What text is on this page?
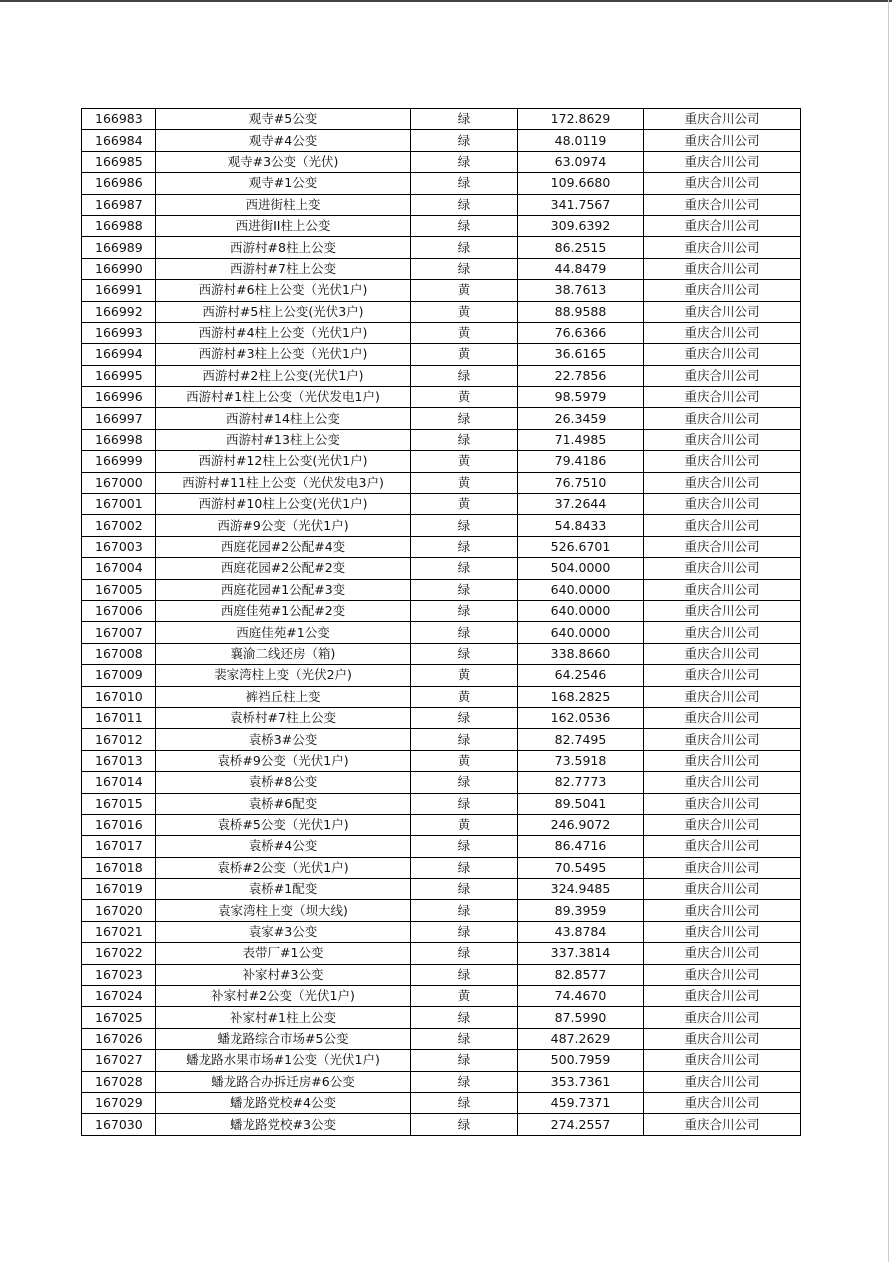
166983	观寺#5公变	绿	172.8629	重庆合川公司
166984	观寺#4公变	绿	48.0119	重庆合川公司
166985	观寺#3公变（光伏)	绿	63.0974	重庆合川公司
166986	观寺#1公变	绿	109.6680	重庆合川公司
166987	西进街柱上变	绿	341.7567	重庆合川公司
166988	西进街II柱上公变	绿	309.6392	重庆合川公司
166989	西游村#8柱上公变	绿	86.2515	重庆合川公司
166990	西游村#7柱上公变	绿	44.8479	重庆合川公司
166991	西游村#6柱上公变（光伏1户)	黄	38.7613	重庆合川公司
166992	西游村#5柱上公变(光伏3户)	黄	88.9588	重庆合川公司
166993	西游村#4柱上公变（光伏1户)	黄	76.6366	重庆合川公司
166994	西游村#3柱上公变（光伏1户)	黄	36.6165	重庆合川公司
166995	西游村#2柱上公变(光伏1户)	绿	22.7856	重庆合川公司
166996	西游村#1柱上公变（光伏发电1户)	黄	98.5979	重庆合川公司
166997	西游村#14柱上公变	绿	26.3459	重庆合川公司
166998	西游村#13柱上公变	绿	71.4985	重庆合川公司
166999	西游村#12柱上公变(光伏1户)	黄	79.4186	重庆合川公司
167000	西游村#11柱上公变（光伏发电3户)	黄	76.7510	重庆合川公司
167001	西游村#10柱上公变(光伏1户)	黄	37.2644	重庆合川公司
167002	西游#9公变（光伏1户)	绿	54.8433	重庆合川公司
167003	西庭花园#2公配#4变	绿	526.6701	重庆合川公司
167004	西庭花园#2公配#2变	绿	504.0000	重庆合川公司
167005	西庭花园#1公配#3变	绿	640.0000	重庆合川公司
167006	西庭佳苑#1公配#2变	绿	640.0000	重庆合川公司
167007	西庭佳苑#1公变	绿	640.0000	重庆合川公司
167008	襄渝二线还房（箱)	绿	338.8660	重庆合川公司
167009	裴家湾柱上变（光伏2户)	黄	64.2546	重庆合川公司
167010	裤裆丘柱上变	黄	168.2825	重庆合川公司
167011	袁桥村#7柱上公变	绿	162.0536	重庆合川公司
167012	袁桥3#公变	绿	82.7495	重庆合川公司
167013	袁桥#9公变（光伏1户)	黄	73.5918	重庆合川公司
167014	袁桥#8公变	绿	82.7773	重庆合川公司
167015	袁桥#6配变	绿	89.5041	重庆合川公司
167016	袁桥#5公变（光伏1户)	黄	246.9072	重庆合川公司
167017	袁桥#4公变	绿	86.4716	重庆合川公司
167018	袁桥#2公变（光伏1户)	绿	70.5495	重庆合川公司
167019	袁桥#1配变	绿	324.9485	重庆合川公司
167020	袁家湾柱上变（坝大线)	绿	89.3959	重庆合川公司
167021	袁家#3公变	绿	43.8784	重庆合川公司
167022	表带厂#1公变	绿	337.3814	重庆合川公司
167023	补家村#3公变	绿	82.8577	重庆合川公司
167024	补家村#2公变（光伏1户)	黄	74.4670	重庆合川公司
167025	补家村#1柱上公变	绿	87.5990	重庆合川公司
167026	蟠龙路综合市场#5公变	绿	487.2629	重庆合川公司
167027	蟠龙路水果市场#1公变（光伏1户)	绿	500.7959	重庆合川公司
167028	蟠龙路合办拆迁房#6公变	绿	353.7361	重庆合川公司
167029	蟠龙路党校#4公变	绿	459.7371	重庆合川公司
167030	蟠龙路党校#3公变	绿	274.2557	重庆合川公司
